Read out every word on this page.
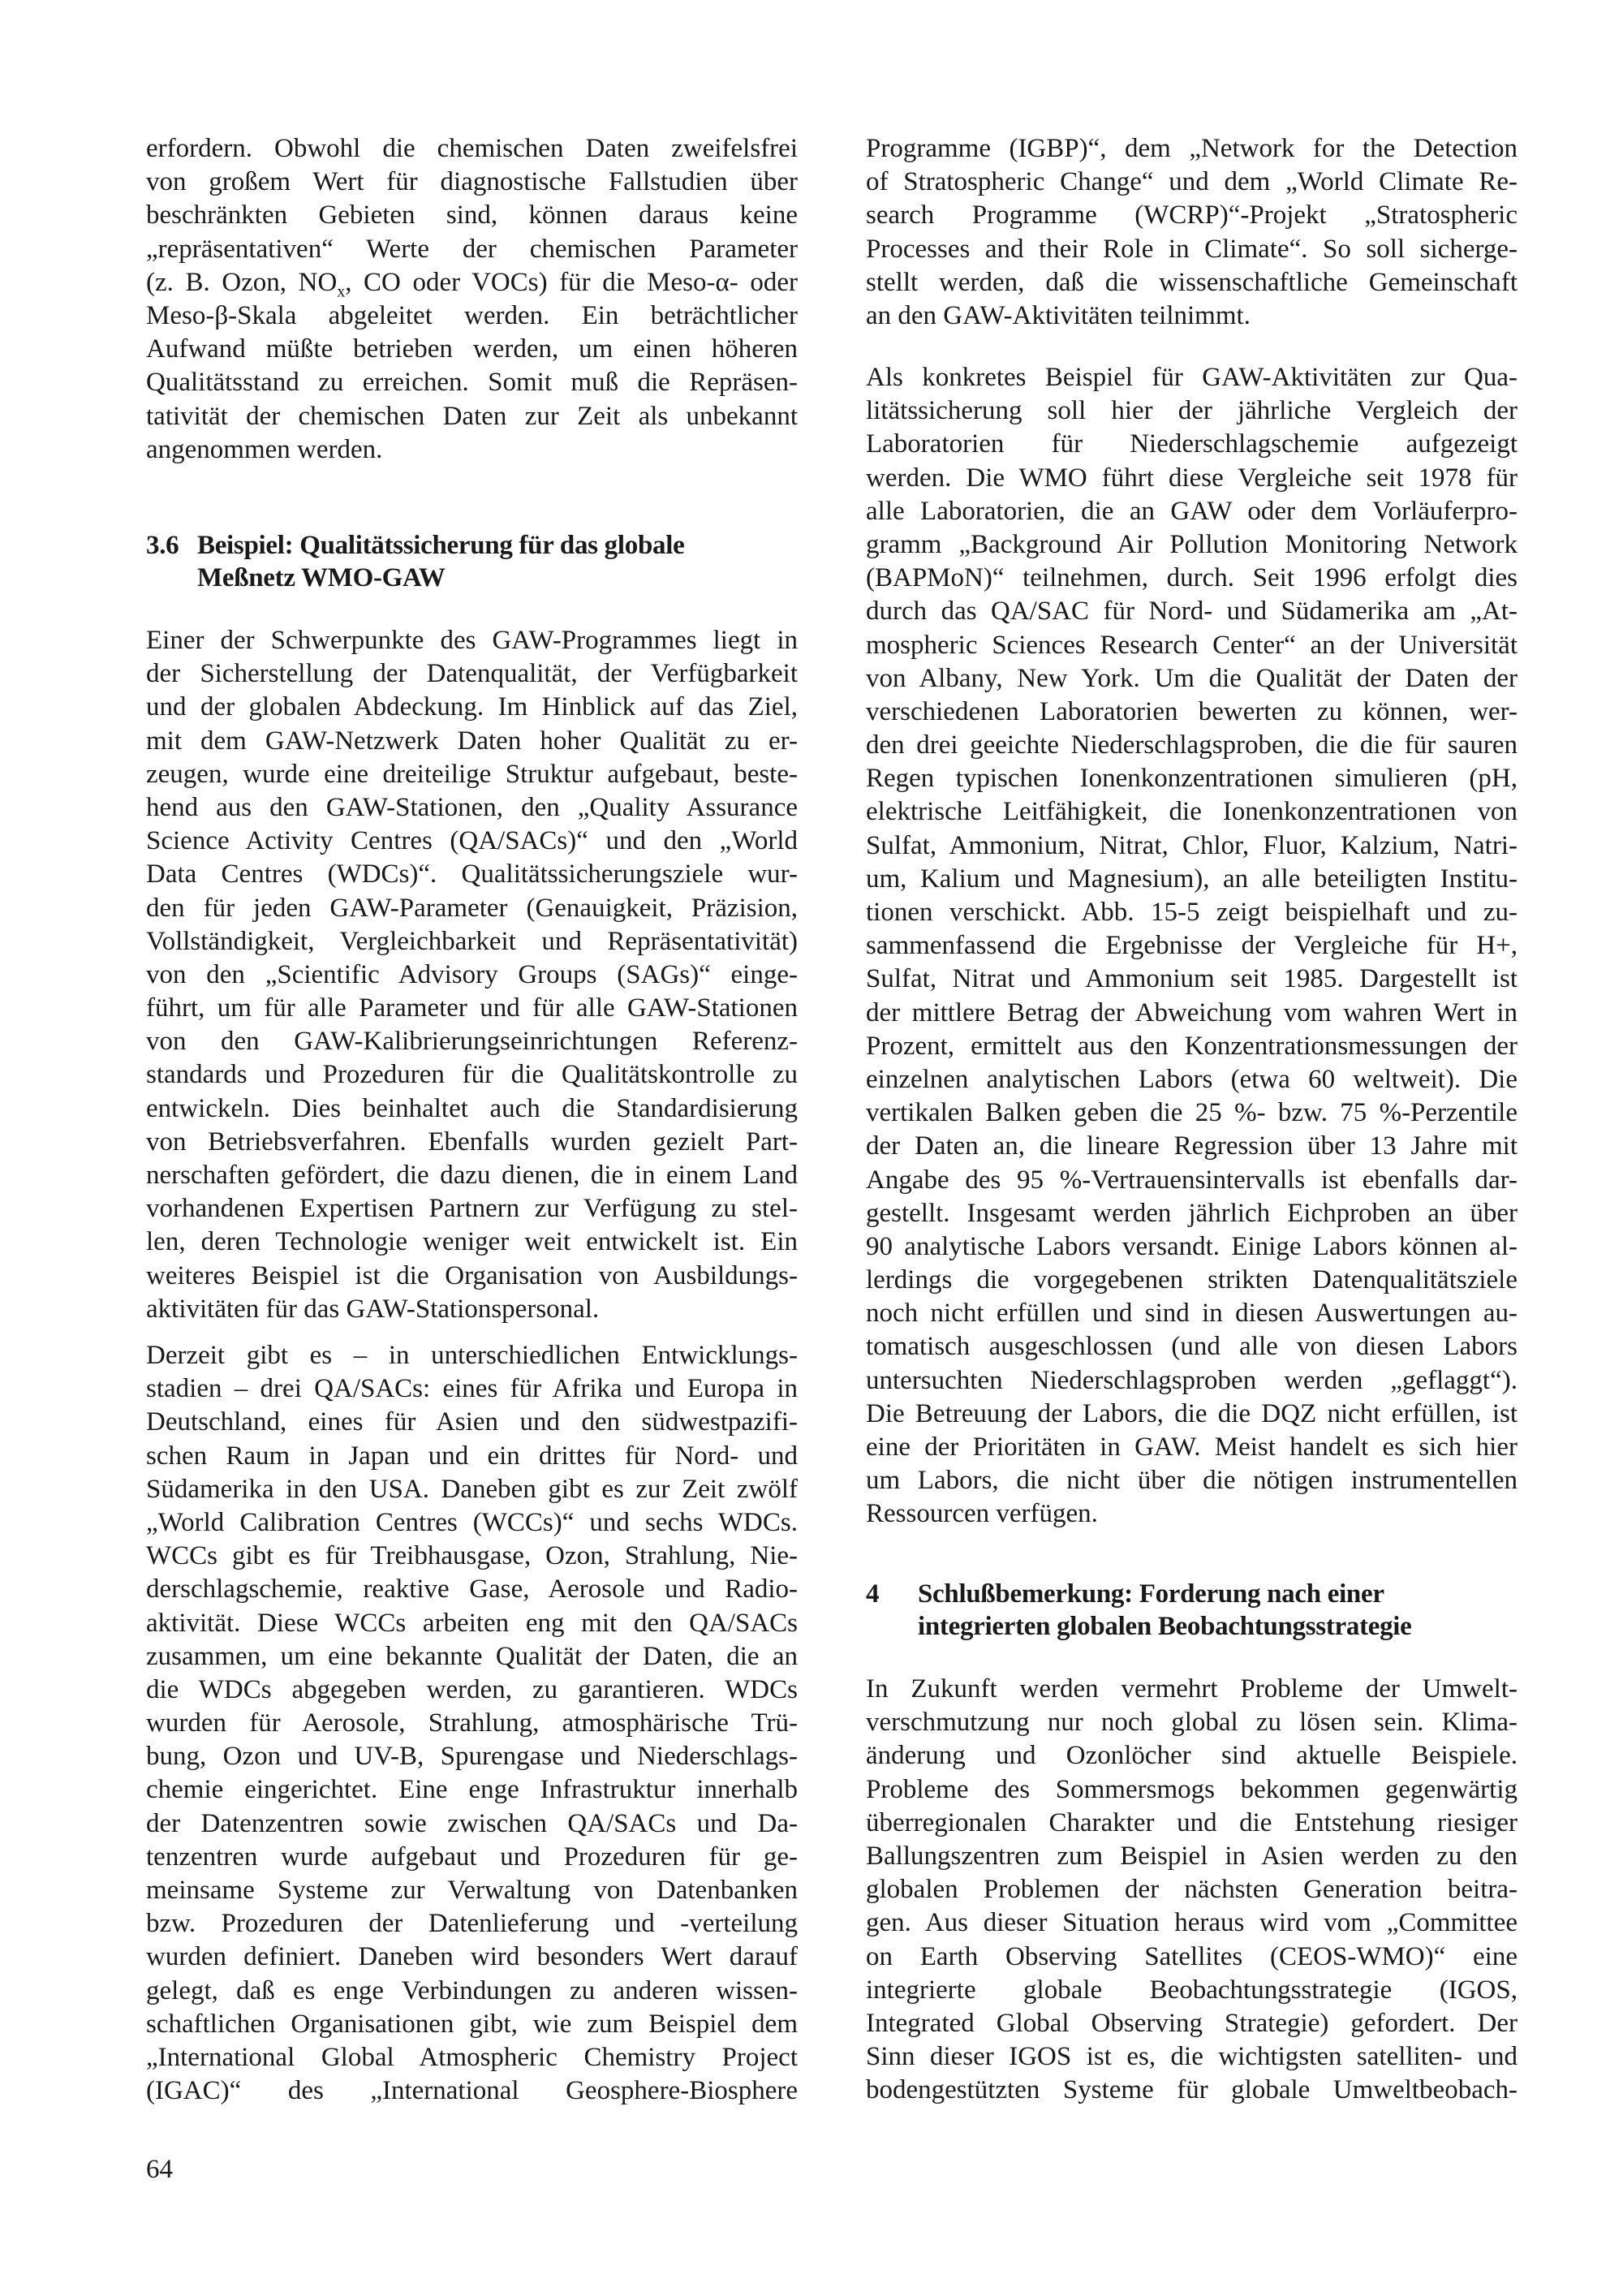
erfordern. Obwohl die chemischen Daten zweifelsfrei
von großem Wert für diagnostische Fallstudien über
beschränkten Gebieten sind, können daraus keine
„repräsentativen“ Werte der chemischen Parameter
(z. B. Ozon, $NO_x$, CO oder VOCs) für die Meso-α- oder
Meso-β-Skala abgeleitet werden. Ein beträchtlicher
Aufwand müßte betrieben werden, um einen höheren
Qualitätsstand zu erreichen. Somit muß die Repräsen-
tativität der chemischen Daten zur Zeit als unbekannt
angenommen werden.
3.6 Beispiel: Qualitätssicherung für das globale
Meßnetz WMO-GAW
Einer der Schwerpunkte des GAW-Programmes liegt in
der Sicherstellung der Datenqualität, der Verfügbarkeit
und der globalen Abdeckung. Im Hinblick auf das Ziel,
mit dem GAW-Netzwerk Daten hoher Qualität zu er-
zeugen, wurde eine dreiteilige Struktur aufgebaut, beste-
hend aus den GAW-Stationen, den „Quality Assurance
Science Activity Centres (QA/SACs)“ und den „World
Data Centres (WDCs)“. Qualitätssicherungsziele wur-
den für jeden GAW-Parameter (Genauigkeit, Präzision,
Vollständigkeit, Vergleichbarkeit und Repräsentativität)
von den „Scientific Advisory Groups (SAGs)“ einge-
führt, um für alle Parameter und für alle GAW-Stationen
von den GAW-Kalibrierungseinrichtungen Referenz-
standards und Prozeduren für die Qualitätskontrolle zu
entwickeln. Dies beinhaltet auch die Standardisierung
von Betriebsverfahren. Ebenfalls wurden gezielt Part-
nerschaften gefördert, die dazu dienen, die in einem Land
vorhandenen Expertisen Partnern zur Verfügung zu stel-
len, deren Technologie weniger weit entwickelt ist. Ein
weiteres Beispiel ist die Organisation von Ausbildungs-
aktivitäten für das GAW-Stationspersonal.
Derzeit gibt es – in unterschiedlichen Entwicklungs-
stadien – drei QA/SACs: eines für Afrika und Europa in
Deutschland, eines für Asien und den südwestpazifi-
schen Raum in Japan und ein drittes für Nord- und
Südamerika in den USA. Daneben gibt es zur Zeit zwölf
„World Calibration Centres (WCCs)“ und sechs WDCs.
WCCs gibt es für Treibhausgase, Ozon, Strahlung, Nie-
derschlagschemie, reaktive Gase, Aerosole und Radio-
aktivität. Diese WCCs arbeiten eng mit den QA/SACs
zusammen, um eine bekannte Qualität der Daten, die an
die WDCs abgegeben werden, zu garantieren. WDCs
wurden für Aerosole, Strahlung, atmosphärische Trü-
bung, Ozon und UV-B, Spurengase und Niederschlags-
chemie eingerichtet. Eine enge Infrastruktur innerhalb
der Datenzentren sowie zwischen QA/SACs und Da-
tenzentren wurde aufgebaut und Prozeduren für ge-
meinsame Systeme zur Verwaltung von Datenbanken
bzw. Prozeduren der Datenlieferung und -verteilung
wurden definiert. Daneben wird besonders Wert darauf
gelegt, daß es enge Verbindungen zu anderen wissen-
schaftlichen Organisationen gibt, wie zum Beispiel dem
„International Global Atmospheric Chemistry Project
(IGAC)“ des „International Geosphere-Biosphere
Programme (IGBP)“, dem „Network for the Detection
of Stratospheric Change“ und dem „World Climate Re-
search Programme (WCRP)“-Projekt „Stratospheric
Processes and their Role in Climate“. So soll sicherge-
stellt werden, daß die wissenschaftliche Gemeinschaft
an den GAW-Aktivitäten teilnimmt.
Als konkretes Beispiel für GAW-Aktivitäten zur Qua-
litätssicherung soll hier der jährliche Vergleich der
Laboratorien für Niederschlagschemie aufgezeigt
werden. Die WMO führt diese Vergleiche seit 1978 für
alle Laboratorien, die an GAW oder dem Vorläuferpro-
gramm „Background Air Pollution Monitoring Network
(BAPMoN)“ teilnehmen, durch. Seit 1996 erfolgt dies
durch das QA/SAC für Nord- und Südamerika am „At-
mospheric Sciences Research Center“ an der Universität
von Albany, New York. Um die Qualität der Daten der
verschiedenen Laboratorien bewerten zu können, wer-
den drei geeichte Niederschlagsproben, die die für sauren
Regen typischen Ionenkonzentrationen simulieren (pH,
elektrische Leitfähigkeit, die Ionenkonzentrationen von
Sulfat, Ammonium, Nitrat, Chlor, Fluor, Kalzium, Natri-
um, Kalium und Magnesium), an alle beteiligten Institu-
tionen verschickt. Abb. 15-5 zeigt beispielhaft und zu-
sammenfassend die Ergebnisse der Vergleiche für H+,
Sulfat, Nitrat und Ammonium seit 1985. Dargestellt ist
der mittlere Betrag der Abweichung vom wahren Wert in
Prozent, ermittelt aus den Konzentrationsmessungen der
einzelnen analytischen Labors (etwa 60 weltweit). Die
vertikalen Balken geben die 25 %- bzw. 75 %-Perzentile
der Daten an, die lineare Regression über 13 Jahre mit
Angabe des 95 %-Vertrauensintervalls ist ebenfalls dar-
gestellt. Insgesamt werden jährlich Eichproben an über
90 analytische Labors versandt. Einige Labors können al-
lerdings die vorgegebenen strikten Datenqualitätsziele
noch nicht erfüllen und sind in diesen Auswertungen au-
tomatisch ausgeschlossen (und alle von diesen Labors
untersuchten Niederschlagsproben werden „geflaggt“).
Die Betreuung der Labors, die die DQZ nicht erfüllen, ist
eine der Prioritäten in GAW. Meist handelt es sich hier
um Labors, die nicht über die nötigen instrumentellen
Ressourcen verfügen.
4 Schlußbemerkung: Forderung nach einer
integrierten globalen Beobachtungsstrategie
In Zukunft werden vermehrt Probleme der Umwelt-
verschmutzung nur noch global zu lösen sein. Klima-
änderung und Ozonlöcher sind aktuelle Beispiele.
Probleme des Sommersmogs bekommen gegenwärtig
überregionalen Charakter und die Entstehung riesiger
Ballungszentren zum Beispiel in Asien werden zu den
globalen Problemen der nächsten Generation beitra-
gen. Aus dieser Situation heraus wird vom „Committee
on Earth Observing Satellites (CEOS-WMO)“ eine
integrierte globale Beobachtungsstrategie (IGOS,
Integrated Global Observing Strategie) gefordert. Der
Sinn dieser IGOS ist es, die wichtigsten satelliten- und
bodengestützten Systeme für globale Umweltbeobach-
64
